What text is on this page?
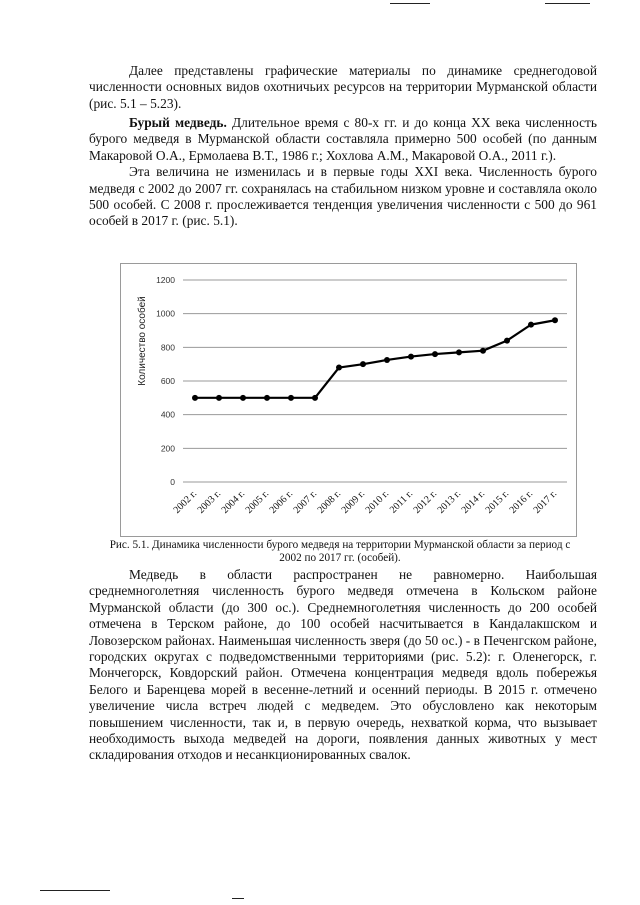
Далее представлены графические материалы по динамике среднегодовой численности основных видов охотничьих ресурсов на территории Мурманской области (рис. 5.1 – 5.23).

Бурый медведь. Длительное время с 80-х гг. и до конца XX века численность бурого медведя в Мурманской области составляла примерно 500 особей (по данным Макаровой О.А., Ермолаева В.Т., 1986 г.; Хохлова А.М., Макаровой О.А., 2011 г.).

Эта величина не изменилась и в первые годы XXI века. Численность бурого медведя с 2002 до 2007 гг. сохранялась на стабильном низком уровне и составляла около 500 особей. С 2008 г. прослеживается тенденция увеличения численности с 500 до 961 особей в 2017 г. (рис. 5.1).

0
200
400
600
800
1000
1200
Количество особей
2002 г.
2003 г.
2004 г.
2005 г.
2006 г.
2007 г.
2008 г.
2009 г.
2010 г.
2011 г.
2012 г.
2013 г.
2014 г.
2015 г.
2016 г.
2017 г.
Рис. 5.1. Динамика численности бурого медведя на территории Мурманской области за период с 2002 по 2017 гг. (особей).

Медведь в области распространен не равномерно. Наибольшая среднемноголетняя численность бурого медведя отмечена в Кольском районе Мурманской области (до 300 ос.). Среднемноголетняя численность до 200 особей отмечена в Терском районе, до 100 особей насчитывается в Кандалакшском и Ловозерском районах. Наименьшая численность зверя (до 50 ос.) - в Печенгском районе, городских округах с подведомственными территориями (рис. 5.2): г. Оленегорск, г. Мончегорск, Ковдорский район. Отмечена концентрация медведя вдоль побережья Белого и Баренцева морей в весенне-летний и осенний периоды. В 2015 г. отмечено увеличение числа встреч людей с медведем. Это обусловлено как некоторым повышением численности, так и, в первую очередь, нехваткой корма, что вызывает необходимость выхода медведей на дороги, появления данных животных у мест складирования отходов и несанкционированных свалок.
